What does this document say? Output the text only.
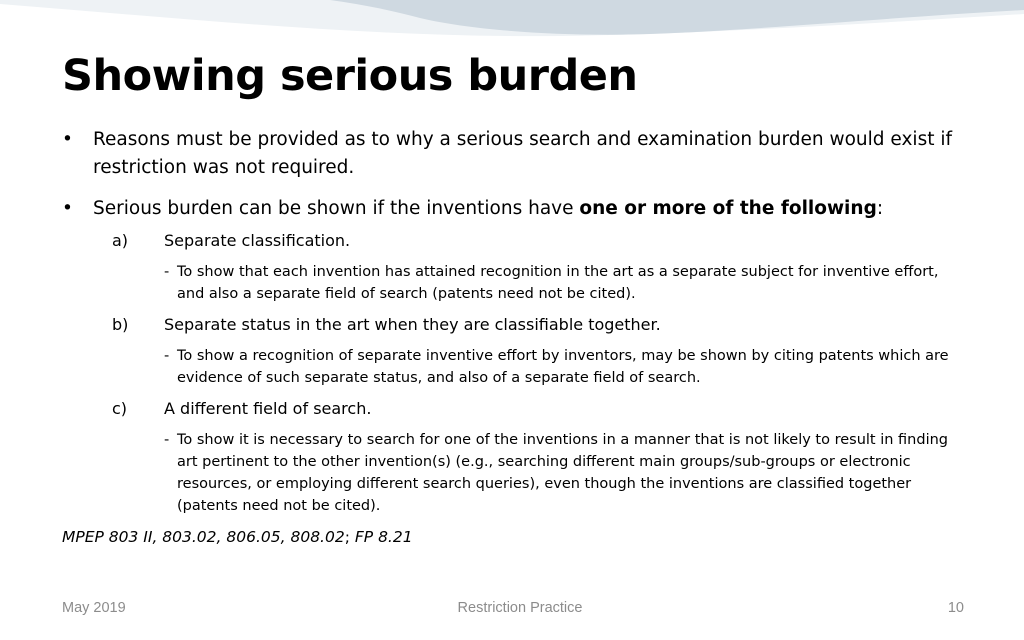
Showing serious burden

• Reasons must be provided as to why a serious search and examination burden would exist if restriction was not required.

• Serious burden can be shown if the inventions have one or more of the following:

a) Separate classification.

- To show that each invention has attained recognition in the art as a separate subject for inventive effort, and also a separate field of search (patents need not be cited).

b) Separate status in the art when they are classifiable together.

- To show a recognition of separate inventive effort by inventors, may be shown by citing patents which are evidence of such separate status, and also of a separate field of search.

c) A different field of search.

- To show it is necessary to search for one of the inventions in a manner that is not likely to result in finding art pertinent to the other invention(s) (e.g., searching different main groups/sub-groups or electronic resources, or employing different search queries), even though the inventions are classified together (patents need not be cited).

MPEP 803 II, 803.02, 806.05, 808.02; FP 8.21

May 2019	Restriction Practice	10
